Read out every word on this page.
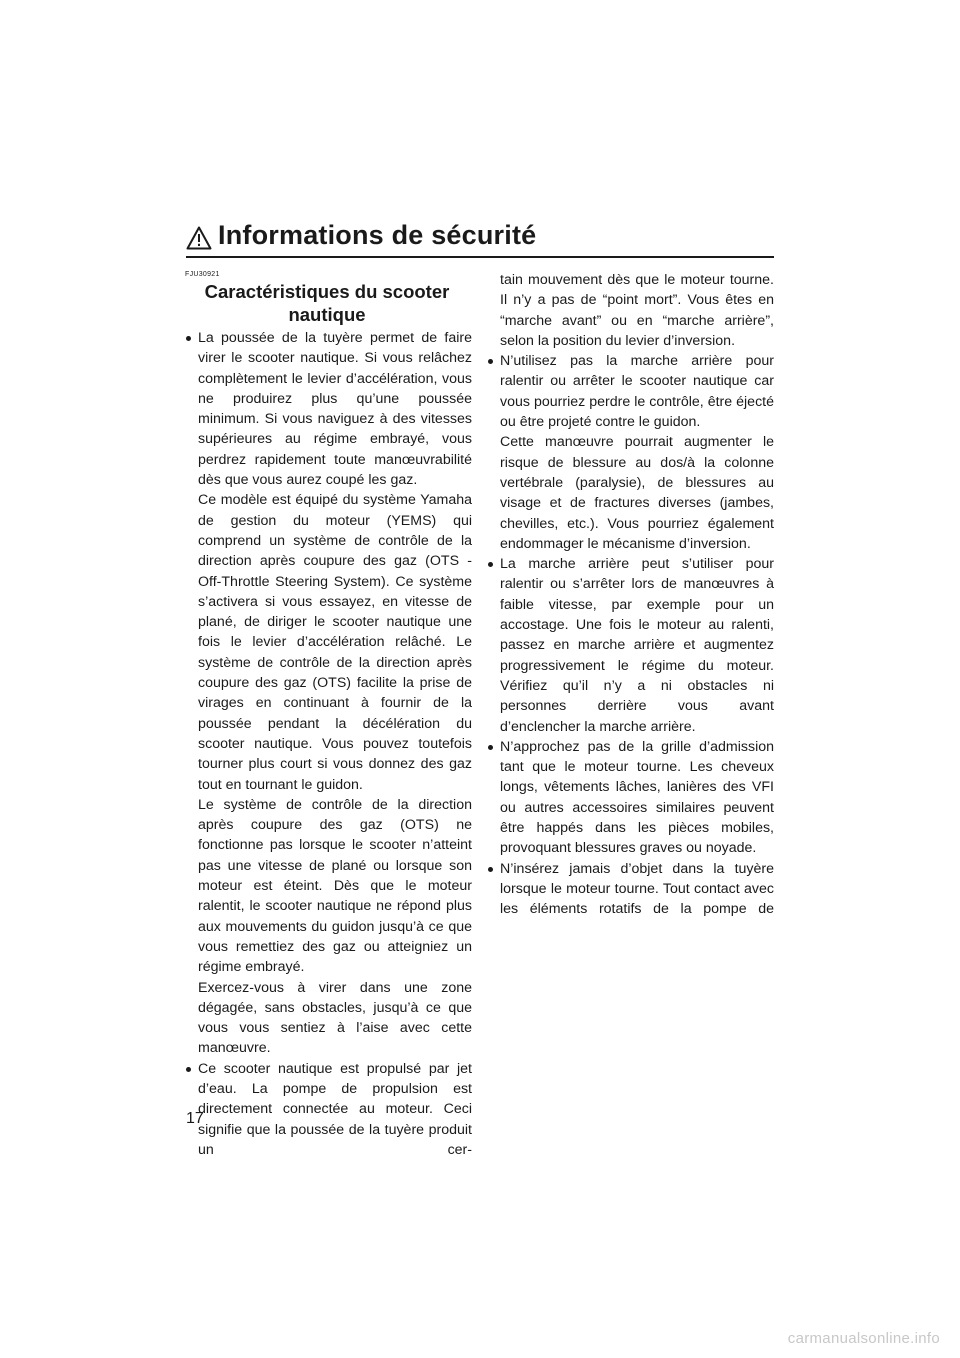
Informations de sécurité
FJU30921
Caractéristiques du scooter
nautique

La poussée de la tuyère permet de faire virer le scooter nautique. Si vous relâchez complètement le levier d’accélération, vous ne produirez plus qu’une poussée minimum. Si vous naviguez à des vitesses supérieures au régime embrayé, vous perdrez rapidement toute manœuvrabilité dès que vous aurez coupé les gaz.

Ce modèle est équipé du système Yamaha de gestion du moteur (YEMS) qui comprend un système de contrôle de la direction après coupure des gaz (OTS - Off-Throttle Steering System). Ce système s’activera si vous essayez, en vitesse de plané, de diriger le scooter nautique une fois le levier d’accélération relâché. Le système de contrôle de la direction après coupure des gaz (OTS) facilite la prise de virages en continuant à fournir de la poussée pendant la décélération du scooter nautique. Vous pouvez toutefois tourner plus court si vous donnez des gaz tout en tournant le guidon.

Le système de contrôle de la direction après coupure des gaz (OTS) ne fonctionne pas lorsque le scooter n’atteint pas une vitesse de plané ou lorsque son moteur est éteint. Dès que le moteur ralentit, le scooter nautique ne répond plus aux mouvements du guidon jusqu’à ce que vous remettiez des gaz ou atteigniez un régime embrayé.

Exercez-vous à virer dans une zone dégagée, sans obstacles, jusqu’à ce que vous vous sentiez à l’aise avec cette manœuvre.

Ce scooter nautique est propulsé par jet d’eau. La pompe de propulsion est directement connectée au moteur. Ceci signifie que la poussée de la tuyère produit un cer-

tain mouvement dès que le moteur tourne. Il n’y a pas de “point mort”. Vous êtes en “marche avant” ou en “marche arrière”, selon la position du levier d’inversion.

N’utilisez pas la marche arrière pour ralentir ou arrêter le scooter nautique car vous pourriez perdre le contrôle, être éjecté ou être projeté contre le guidon.

Cette manœuvre pourrait augmenter le risque de blessure au dos/à la colonne vertébrale (paralysie), de blessures au visage et de fractures diverses (jambes, chevilles, etc.). Vous pourriez également endommager le mécanisme d’inversion.

La marche arrière peut s’utiliser pour ralentir ou s’arrêter lors de manœuvres à faible vitesse, par exemple pour un accostage. Une fois le moteur au ralenti, passez en marche arrière et augmentez progressivement le régime du moteur. Vérifiez qu’il n’y a ni obstacles ni personnes derrière vous avant d’enclencher la marche arrière.

N’approchez pas de la grille d’admission tant que le moteur tourne. Les cheveux longs, vêtements lâches, lanières des VFI ou autres accessoires similaires peuvent être happés dans les pièces mobiles, provoquant blessures graves ou noyade.

N’insérez jamais d’objet dans la tuyère lorsque le moteur tourne. Tout contact avec les éléments rotatifs de la pompe de

17
carmanualsonline.info
